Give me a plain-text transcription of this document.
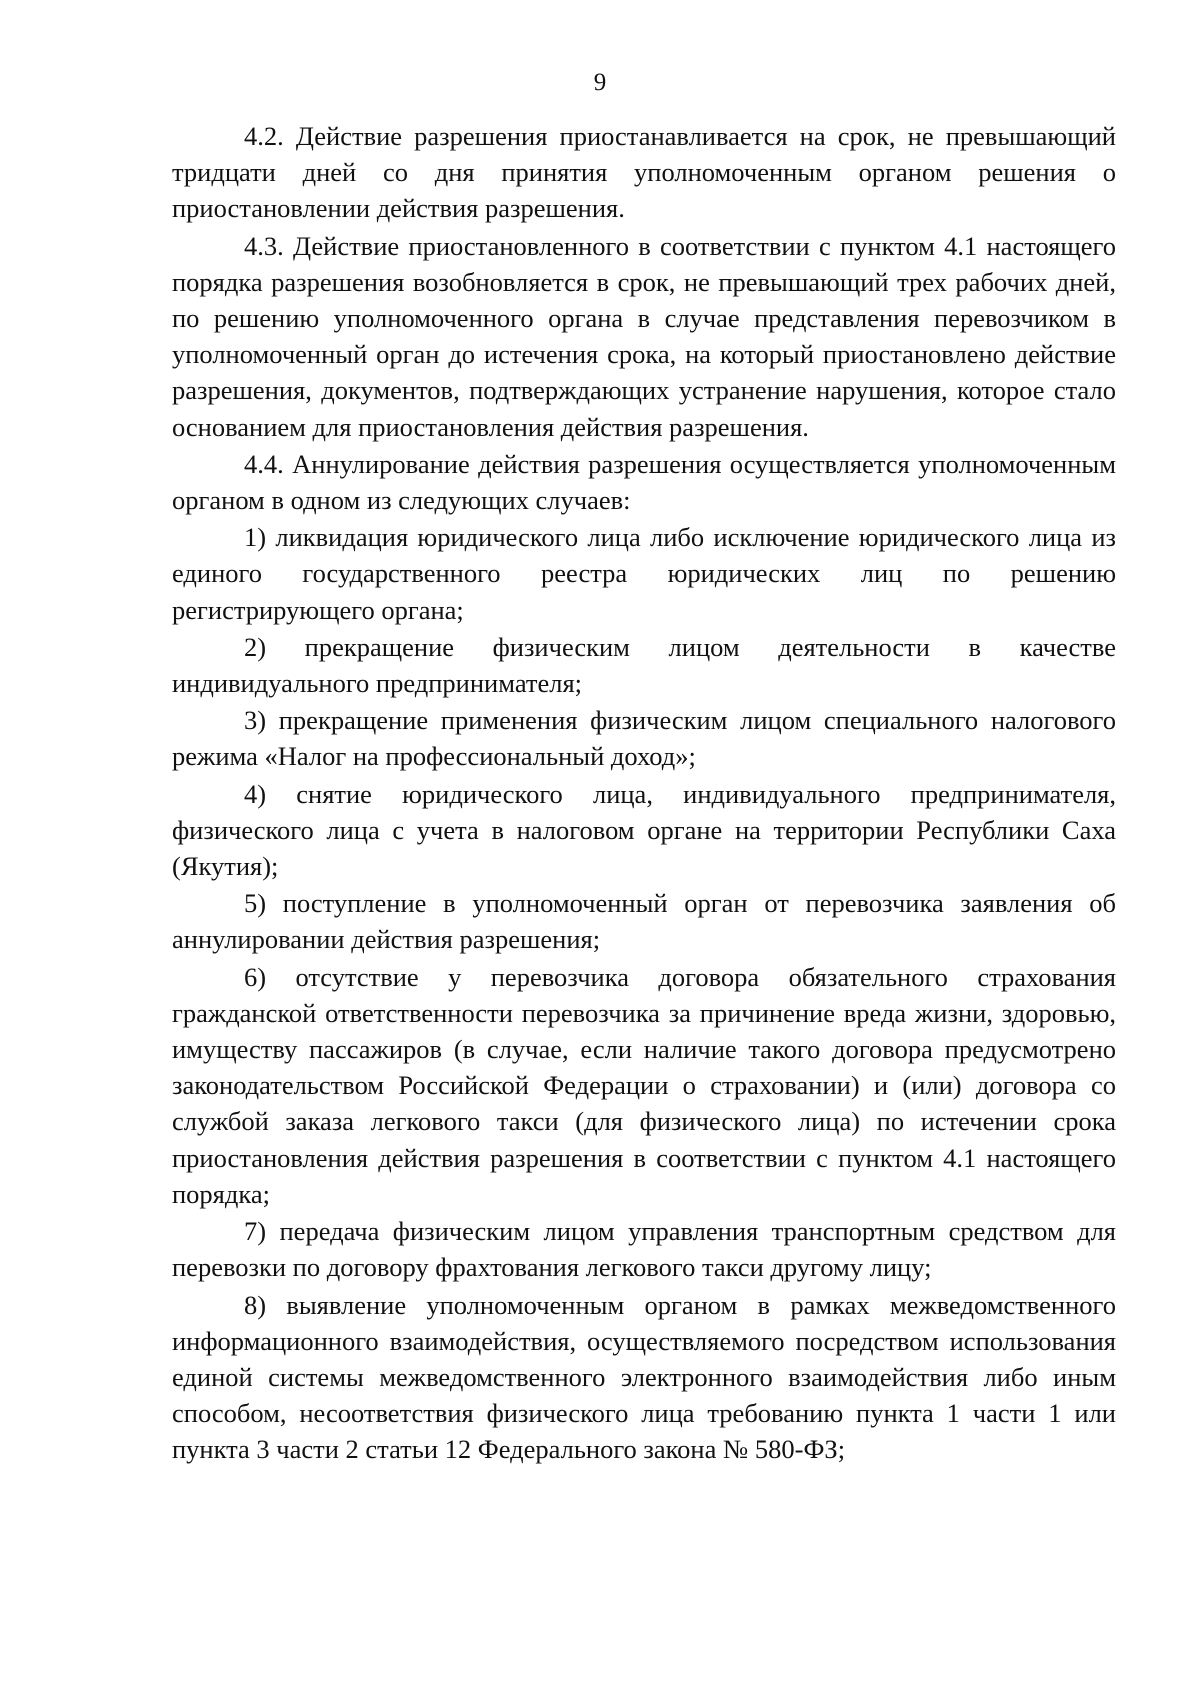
9

4.2. Действие разрешения приостанавливается на срок, не превышающий тридцати дней со дня принятия уполномоченным органом решения о приостановлении действия разрешения.

4.3. Действие приостановленного в соответствии с пунктом 4.1 настоящего порядка разрешения возобновляется в срок, не превышающий трех рабочих дней, по решению уполномоченного органа в случае представления перевозчиком в уполномоченный орган до истечения срока, на который приостановлено действие разрешения, документов, подтверждающих устранение нарушения, которое стало основанием для приостановления действия разрешения.

4.4. Аннулирование действия разрешения осуществляется уполномоченным органом в одном из следующих случаев:

1) ликвидация юридического лица либо исключение юридического лица из единого государственного реестра юридических лиц по решению регистрирующего органа;

2) прекращение физическим лицом деятельности в качестве индивидуального предпринимателя;

3) прекращение применения физическим лицом специального налогового режима «Налог на профессиональный доход»;

4) снятие юридического лица, индивидуального предпринимателя, физического лица с учета в налоговом органе на территории Республики Саха (Якутия);

5) поступление в уполномоченный орган от перевозчика заявления об аннулировании действия разрешения;

6) отсутствие у перевозчика договора обязательного страхования гражданской ответственности перевозчика за причинение вреда жизни, здоровью, имуществу пассажиров (в случае, если наличие такого договора предусмотрено законодательством Российской Федерации о страховании) и (или) договора со службой заказа легкового такси (для физического лица) по истечении срока приостановления действия разрешения в соответствии с пунктом 4.1 настоящего порядка;

7) передача физическим лицом управления транспортным средством для перевозки по договору фрахтования легкового такси другому лицу;

8) выявление уполномоченным органом в рамках межведомственного информационного взаимодействия, осуществляемого посредством использования единой системы межведомственного электронного взаимодействия либо иным способом, несоответствия физического лица требованию пункта 1 части 1 или пункта 3 части 2 статьи 12 Федерального закона № 580-ФЗ;
